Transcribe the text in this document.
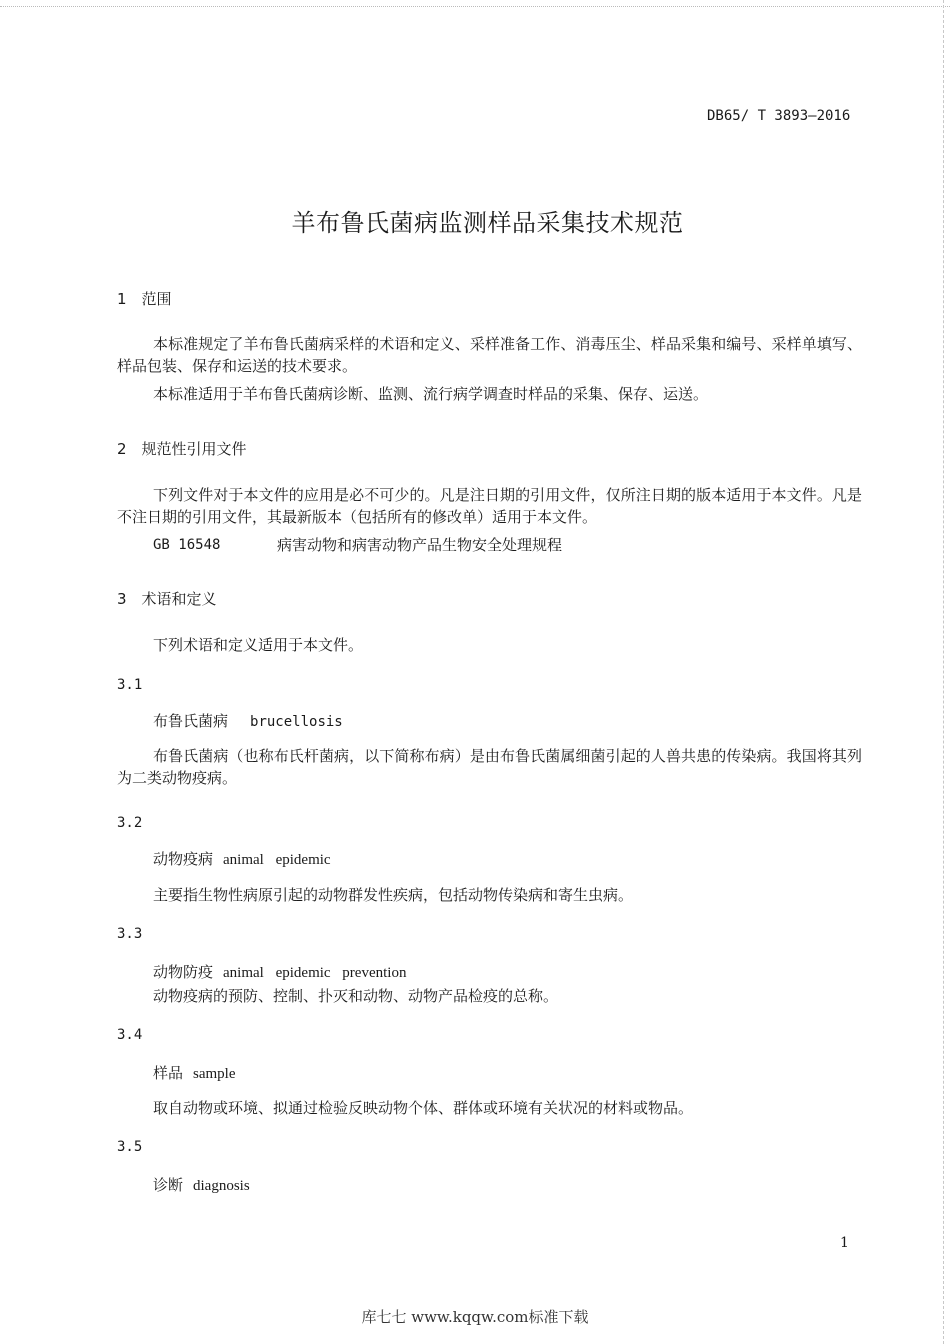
DB65/ T 3893—2016
羊布鲁氏菌病监测样品采集技术规范
1　范围
本标准规定了羊布鲁氏菌病采样的术语和定义、采样准备工作、消毒压尘、样品采集和编号、采样单填写、样品包装、保存和运送的技术要求。
本标准适用于羊布鲁氏菌病诊断、监测、流行病学调查时样品的采集、保存、运送。
2　规范性引用文件
下列文件对于本文件的应用是必不可少的。凡是注日期的引用文件，仅所注日期的版本适用于本文件。凡是不注日期的引用文件，其最新版本（包括所有的修改单）适用于本文件。
GB 16548	病害动物和病害动物产品生物安全处理规程
3　术语和定义
下列术语和定义适用于本文件。
3.1
布鲁氏菌病 brucellosis
布鲁氏菌病（也称布氏杆菌病，以下简称布病）是由布鲁氏菌属细菌引起的人兽共患的传染病。我国将其列为二类动物疫病。
3.2
动物疫病 animal epidemic
主要指生物性病原引起的动物群发性疾病，包括动物传染病和寄生虫病。
3.3
动物防疫 animal epidemic prevention
动物疫病的预防、控制、扑灭和动物、动物产品检疫的总称。
3.4
样品 sample
取自动物或环境、拟通过检验反映动物个体、群体或环境有关状况的材料或物品。
3.5
诊断 diagnosis
1
库七七 www.kqqw.com标准下载
